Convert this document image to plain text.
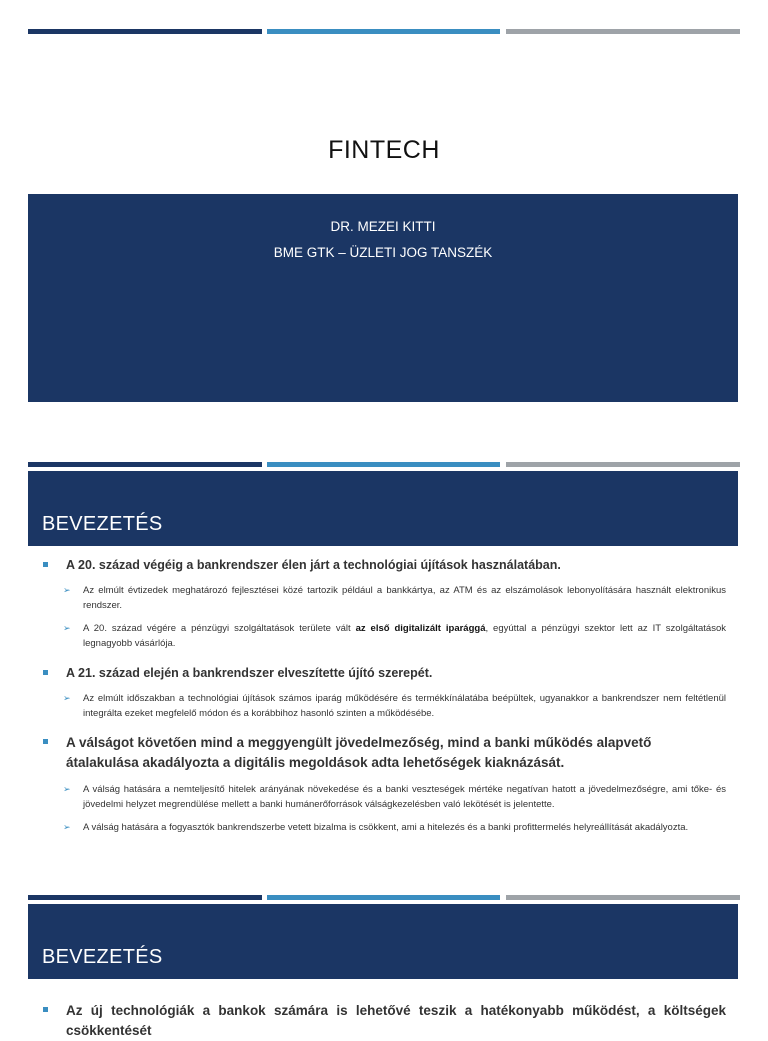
FINTECH
DR. MEZEI KITTI
BME GTK – ÜZLETI JOG TANSZÉK
BEVEZETÉS

A 20. század végéig a bankrendszer élen járt a technológiai újítások használatában.

➢ Az elmúlt évtizedek meghatározó fejlesztései közé tartozik például a bankkártya, az ATM és az elszámolások lebonyolítására használt elektronikus rendszer.

➢ A 20. század végére a pénzügyi szolgáltatások területe vált az első digitalizált iparággá, egyúttal a pénzügyi szektor lett az IT szolgáltatások legnagyobb vásárlója.

A 21. század elején a bankrendszer elveszítette újító szerepét.

➢ Az elmúlt időszakban a technológiai újítások számos iparág működésére és termékkínálatába beépültek, ugyanakkor a bankrendszer nem feltétlenül integrálta ezeket megfelelő módon és a korábbihoz hasonló szinten a működésébe.

A válságot követően mind a meggyengült jövedelmezőség, mind a banki működés alapvető átalakulása akadályozta a digitális megoldások adta lehetőségek kiaknázását.

➢ A válság hatására a nemteljesítő hitelek arányának növekedése és a banki veszteségek mértéke negatívan hatott a jövedelmezőségre, ami tőke- és jövedelmi helyzet megrendülése mellett a banki humánerőforrások válságkezelésben való lekötését is jelentette.

➢ A válság hatására a fogyasztók bankrendszerbe vetett bizalma is csökkent, ami a hitelezés és a banki profittermelés helyreállítását akadályozta.

BEVEZETÉS

Az új technológiák a bankok számára is lehetővé teszik a hatékonyabb működést, a költségek csökkentését
